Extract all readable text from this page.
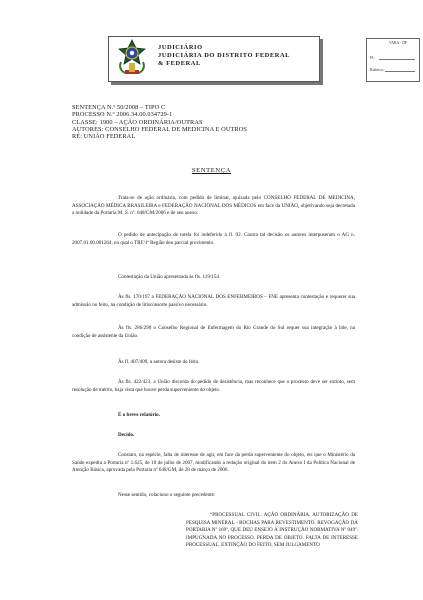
JUDICIÁRIO
JUDICIÁRIA DO DISTRITO FEDERAL
& FEDERAL
VARA - DF
Fl.:
Rubrica:
SENTENÇA N.º 50/2008 – TIPO C
PROCESSO N.º 2006.34.00.034729-1
CLASSE: 1900 – AÇÃO ORDINÁRIA/OUTRAS
AUTORES: CONSELHO FEDERAL DE MEDICINA E OUTROS
RÉ: UNIÃO FEDERAL
SENTENÇA
Trata-se de ação ordinária, com pedido de liminar, ajuizada pelo CONSELHO FEDERAL DE MEDICINA, ASSOCIAÇÃO MÉDICA BRASILEIRA e FEDERAÇÃO NACIONAL DOS MÉDICOS em face da UNIÃO, objetivando seja decretada a nulidade da Portaria M. S. nº. 648/GM/2006 e de seu anexo.
O pedido de antecipação de tutela foi indeferido à fl. 92. Contra tal decisão os autores interpuseram o AG n. 2007.01.00.001264, no qual o TRF/1ª Região deu parcial provimento.
Contestação da União apresentada às fls. 119/154.
Às fls. 170/197 a FEDERAÇÃO NACIONAL DOS ENFERMEIROS – FNE apresenta contestação e requerer sua admissão no feito, na condição de litisconsorte passivo necessário.
Às fls. 286/290 o Conselho Regional de Enfermagem do Rio Grande do Sul requer sua integração à lide, na condição de assistente da União.
Às fl. 407/409, a autora desiste do feito.
Às fls. 422/423, a União discorda do pedido de desistência, mas reconhece que o processo deve ser extinto, sem resolução de mérito, haja vista que houve perda superveniente do objeto.
É o breve relatório.
Decido.
Constato, na espécie, falta de interesse de agir, em face da perda superveniente do objeto, eis que o Ministério da Saúde expediu a Portaria nº 1.625, de 10 de julho de 2007, modificando a redação original do item 2 do Anexo I da Política Nacional de Atenção Básica, aprovada pela Portaria nº 648/GM, de 28 de março de 2006.
Nesse sentido, colaciono o seguinte precedente:
“PROCESSUAL CIVIL. AÇÃO ORDINÁRIA. AUTORIZAÇÃO DE PESQUISA MINERAL - ROCHAS PARA REVESTIMENTO. REVOGAÇÃO DA PORTARIA Nº 169º, QUE DEU ENSEJO À INSTRUÇÃO NORMATIVA Nº 049º. IMPUGNADA NO PROCESSO. PERDA DE OBJETO. FALTA DE INTERESSE PROCESSUAL. EXTINÇÃO DO FEITO, SEM JULGAMENTO
